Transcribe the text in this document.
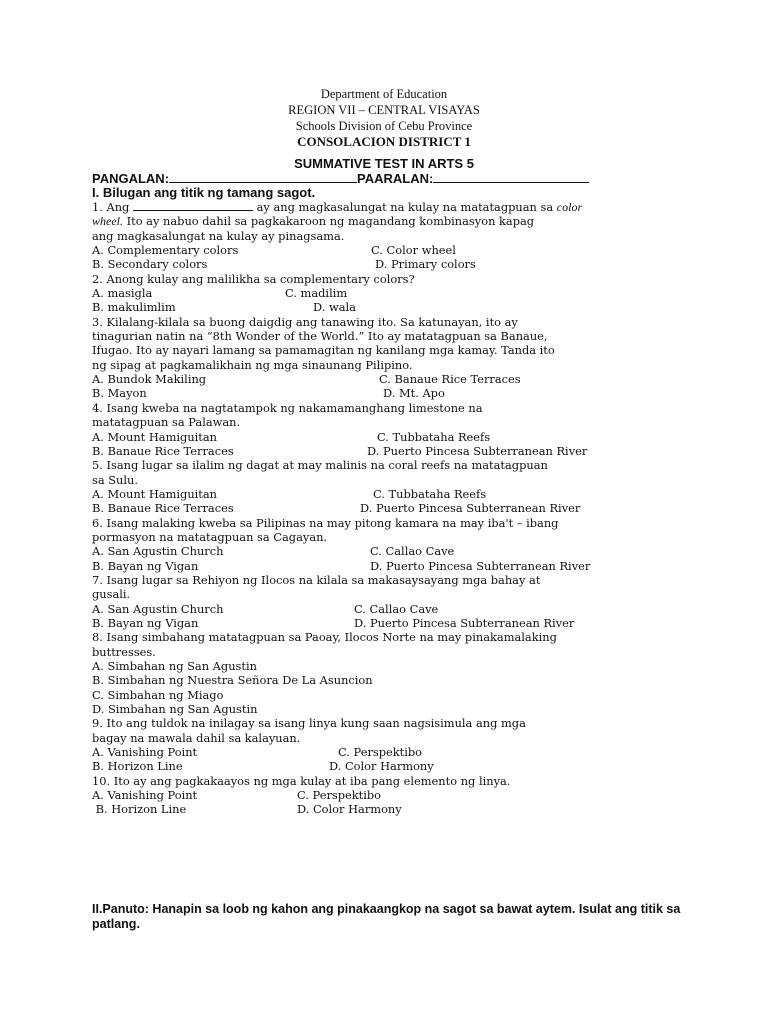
Department of Education
REGION VII – CENTRAL VISAYAS
Schools Division of Cebu Province
CONSOLACION DISTRICT 1
SUMMATIVE TEST IN ARTS 5
PANGALAN:	PAARALAN:
I. Bilugan ang titik ng tamang sagot.
1. Ang	ay ang magkasalungat na kulay na matatagpuan sa color
wheel. Ito ay nabuo dahil sa pagkakaroon ng magandang kombinasyon kapag
ang magkasalungat na kulay ay pinagsama.
A. Complementary colors	C. Color wheel
B. Secondary colors	D. Primary colors
2. Anong kulay ang malilikha sa complementary colors?
A. masigla	C. madilim
B. makulimlim	D. wala
3. Kilalang-kilala sa buong daigdig ang tanawing ito. Sa katunayan, ito ay
tinagurian natin na “8th Wonder of the World.” Ito ay matatagpuan sa Banaue,
Ifugao. Ito ay nayari lamang sa pamamagitan ng kanilang mga kamay. Tanda ito
ng sipag at pagkamalikhain ng mga sinaunang Pilipino.
A. Bundok Makiling	C. Banaue Rice Terraces
B. Mayon	D. Mt. Apo
4. Isang kweba na nagtatampok ng nakamamanghang limestone na
matatagpuan sa Palawan.
A. Mount Hamiguitan	C. Tubbataha Reefs
B. Banaue Rice Terraces	D. Puerto Pincesa Subterranean River
5. Isang lugar sa ilalim ng dagat at may malinis na coral reefs na matatagpuan
sa Sulu.
A. Mount Hamiguitan	C. Tubbataha Reefs
B. Banaue Rice Terraces	D. Puerto Pincesa Subterranean River
6. Isang malaking kweba sa Pilipinas na may pitong kamara na may iba't – ibang
pormasyon na matatagpuan sa Cagayan.
A. San Agustin Church	C. Callao Cave
B. Bayan ng Vigan	D. Puerto Pincesa Subterranean River
7. Isang lugar sa Rehiyon ng Ilocos na kilala sa makasaysayang mga bahay at
gusali.
A. San Agustin Church	C. Callao Cave
B. Bayan ng Vigan	D. Puerto Pincesa Subterranean River
8. Isang simbahang matatagpuan sa Paoay, Ilocos Norte na may pinakamalaking
buttresses.
A. Simbahan ng San Agustin
B. Simbahan ng Nuestra Señora De La Asuncion
C. Simbahan ng Miago
D. Simbahan ng San Agustin
9. Ito ang tuldok na inilagay sa isang linya kung saan nagsisimula ang mga
bagay na mawala dahil sa kalayuan.
A. Vanishing Point	C. Perspektibo
B. Horizon Line	D. Color Harmony
10. Ito ay ang pagkakaayos ng mga kulay at iba pang elemento ng linya.
A. Vanishing Point	C. Perspektibo
B. Horizon Line	D. Color Harmony
II.Panuto: Hanapin sa loob ng kahon ang pinakaangkop na sagot sa bawat aytem. Isulat ang titik sa patlang.
